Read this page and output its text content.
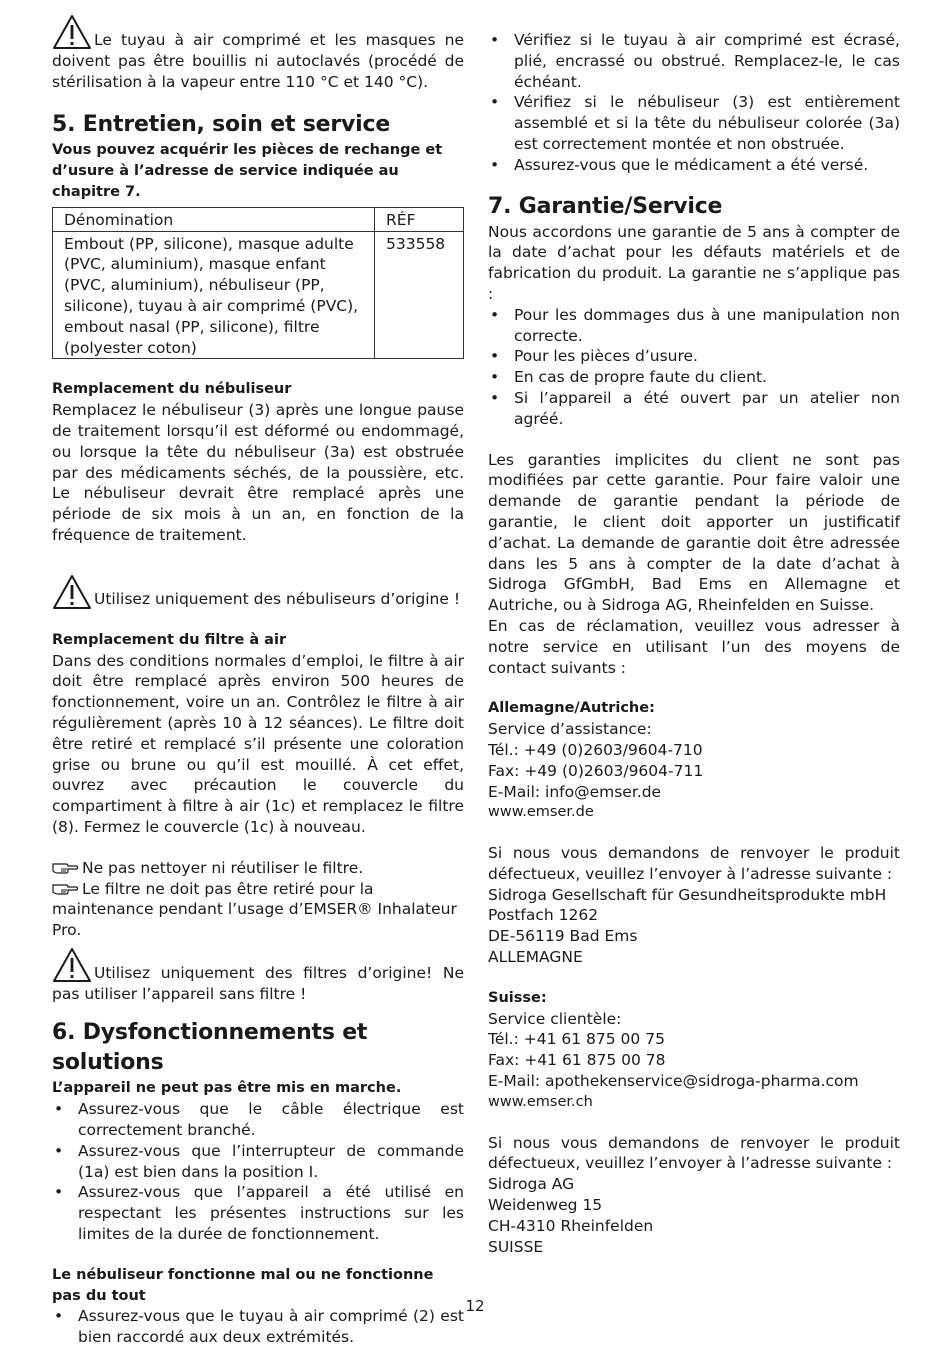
Le tuyau à air comprimé et les masques ne doivent pas être bouillis ni autoclavés (procédé de stérilisation à la vapeur entre 110 °C et 140 °C).

5. Entretien, soin et service

Vous pouvez acquérir les pièces de rechange et d’usure à l’adresse de service indiquée au chapitre 7.

Dénomination	RÉF
Embout (PP, silicone), masque adulte (PVC, aluminium), masque enfant (PVC, aluminium), nébuliseur (PP, silicone), tuyau à air comprimé (PVC), embout nasal (PP, silicone), filtre (polyester coton)	533558

Remplacement du nébuliseur

Remplacez le nébuliseur (3) après une longue pause de traitement lorsqu’il est déformé ou endommagé, ou lorsque la tête du nébuliseur (3a) est obstruée par des médicaments séchés, de la poussière, etc. Le nébuliseur devrait être remplacé après une période de six mois à un an, en fonction de la fréquence de traitement.

Utilisez uniquement des nébuliseurs d’origine !

Remplacement du filtre à air

Dans des conditions normales d’emploi, le filtre à air doit être remplacé après environ 500 heures de fonctionnement, voire un an. Contrôlez le filtre à air régulièrement (après 10 à 12 séances). Le filtre doit être retiré et remplacé s’il présente une coloration grise ou brune ou qu’il est mouillé. À cet effet, ouvrez avec précaution le couvercle du compartiment à filtre à air (1c) et remplacez le filtre (8). Fermez le couvercle (1c) à nouveau.

Ne pas nettoyer ni réutiliser le filtre.

Le filtre ne doit pas être retiré pour la maintenance pendant l’usage d’EMSER® Inhalateur Pro.

Utilisez uniquement des filtres d’origine! Ne pas utiliser l’appareil sans filtre !

6. Dysfonctionnements et solutions

L’appareil ne peut pas être mis en marche.

• Assurez-vous que le câble électrique est correctement branché.
• Assurez-vous que l’interrupteur de commande (1a) est bien dans la position I.
• Assurez-vous que l’appareil a été utilisé en respectant les présentes instructions sur les limites de la durée de fonctionnement.

Le nébuliseur fonctionne mal ou ne fonctionne pas du tout

• Assurez-vous que le tuyau à air comprimé (2) est bien raccordé aux deux extrémités.
• Vérifiez si le tuyau à air comprimé est écrasé, plié, encrassé ou obstrué. Remplacez-le, le cas échéant.
• Vérifiez si le nébuliseur (3) est entièrement assemblé et si la tête du nébuliseur colorée (3a) est correctement montée et non obstruée.
• Assurez-vous que le médicament a été versé.
7. Garantie/Service

Nous accordons une garantie de 5 ans à compter de la date d’achat pour les défauts matériels et de fabrication du produit. La garantie ne s’applique pas :

• Pour les dommages dus à une manipulation non correcte.
• Pour les pièces d’usure.
• En cas de propre faute du client.
• Si l’appareil a été ouvert par un atelier non agréé.

Les garanties implicites du client ne sont pas modifiées par cette garantie. Pour faire valoir une demande de garantie pendant la période de garantie, le client doit apporter un justificatif d’achat. La demande de garantie doit être adressée dans les 5 ans à compter de la date d’achat à Sidroga GfGmbH, Bad Ems en Allemagne et Autriche, ou à Sidroga AG, Rheinfelden en Suisse.

En cas de réclamation, veuillez vous adresser à notre service en utilisant l’un des moyens de contact suivants :

Allemagne/Autriche:

Service d’assistance:

Tél.: +49 (0)2603/9604-710

Fax: +49 (0)2603/9604-711

E-Mail: info@emser.de

www.emser.de

Si nous vous demandons de renvoyer le produit défectueux, veuillez l’envoyer à l’adresse suivante :

Sidroga Gesellschaft für Gesundheitsprodukte mbH

Postfach 1262

DE-56119 Bad Ems

ALLEMAGNE

Suisse:

Service clientèle:

Tél.: +41 61 875 00 75

Fax: +41 61 875 00 78

E-Mail: apothekenservice@sidroga-pharma.com

www.emser.ch

Si nous vous demandons de renvoyer le produit défectueux, veuillez l’envoyer à l’adresse suivante :

Sidroga AG

Weidenweg 15

CH-4310 Rheinfelden

SUISSE

12
